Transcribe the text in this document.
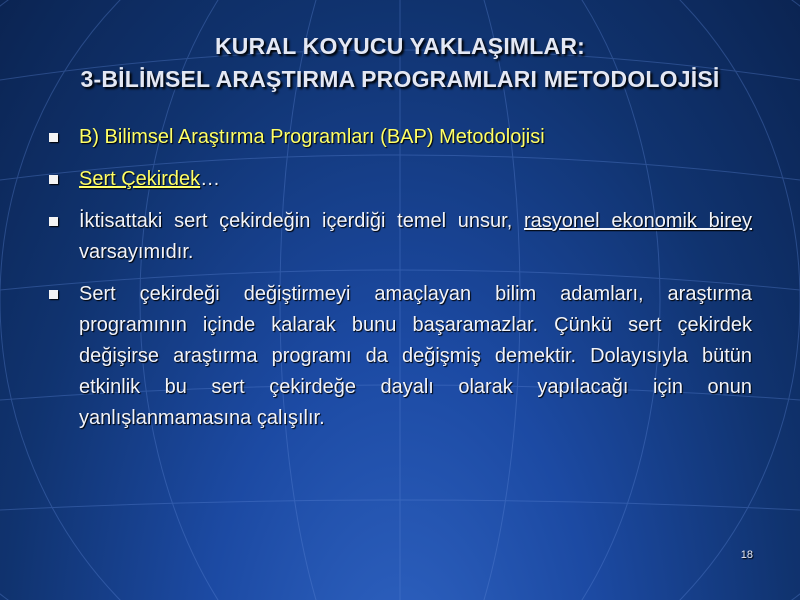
KURAL KOYUCU YAKLAŞIMLAR:
3-BİLİMSEL ARAŞTIRMA PROGRAMLARI METODOLOJİSİ
B) Bilimsel Araştırma Programları (BAP) Metodolojisi
Sert Çekirdek…
İktisattaki sert çekirdeğin içerdiği temel unsur, rasyonel ekonomik birey varsayımıdır.
Sert çekirdeği değiştirmeyi amaçlayan bilim adamları, araştırma programının içinde kalarak bunu başaramazlar. Çünkü sert çekirdek değişirse araştırma programı da değişmiş demektir. Dolayısıyla bütün etkinlik bu sert çekirdeğe dayalı olarak yapılacağı için onun yanlışlanmamasına çalışılır.
18
